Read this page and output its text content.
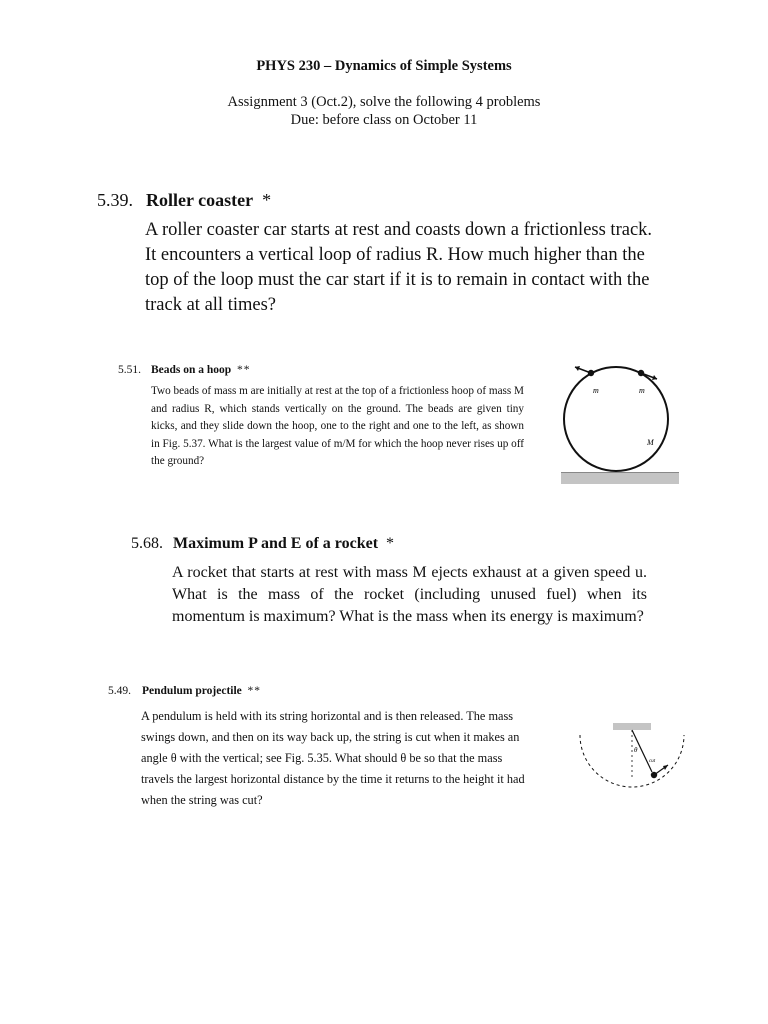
PHYS 230 – Dynamics of Simple Systems
Assignment 3 (Oct.2), solve the following 4 problems
Due: before class on October 11
5.39. Roller coaster *
A roller coaster car starts at rest and coasts down a frictionless track. It encounters a vertical loop of radius R. How much higher than the top of the loop must the car start if it is to remain in contact with the track at all times?
5.51. Beads on a hoop **
Two beads of mass m are initially at rest at the top of a frictionless hoop of mass M and radius R, which stands vertically on the ground. The beads are given tiny kicks, and they slide down the hoop, one to the right and one to the left, as shown in Fig. 5.37. What is the largest value of m/M for which the hoop never rises up off the ground?
m	m
M
5.68. Maximum P and E of a rocket *
A rocket that starts at rest with mass M ejects exhaust at a given speed u. What is the mass of the rocket (including unused fuel) when its momentum is maximum? What is the mass when its energy is maximum?
5.49. Pendulum projectile **
A pendulum is held with its string horizontal and is then released. The mass swings down, and then on its way back up, the string is cut when it makes an angle θ with the vertical; see Fig. 5.35. What should θ be so that the mass travels the largest horizontal distance by the time it returns to the height it had when the string was cut?
θ
cut
